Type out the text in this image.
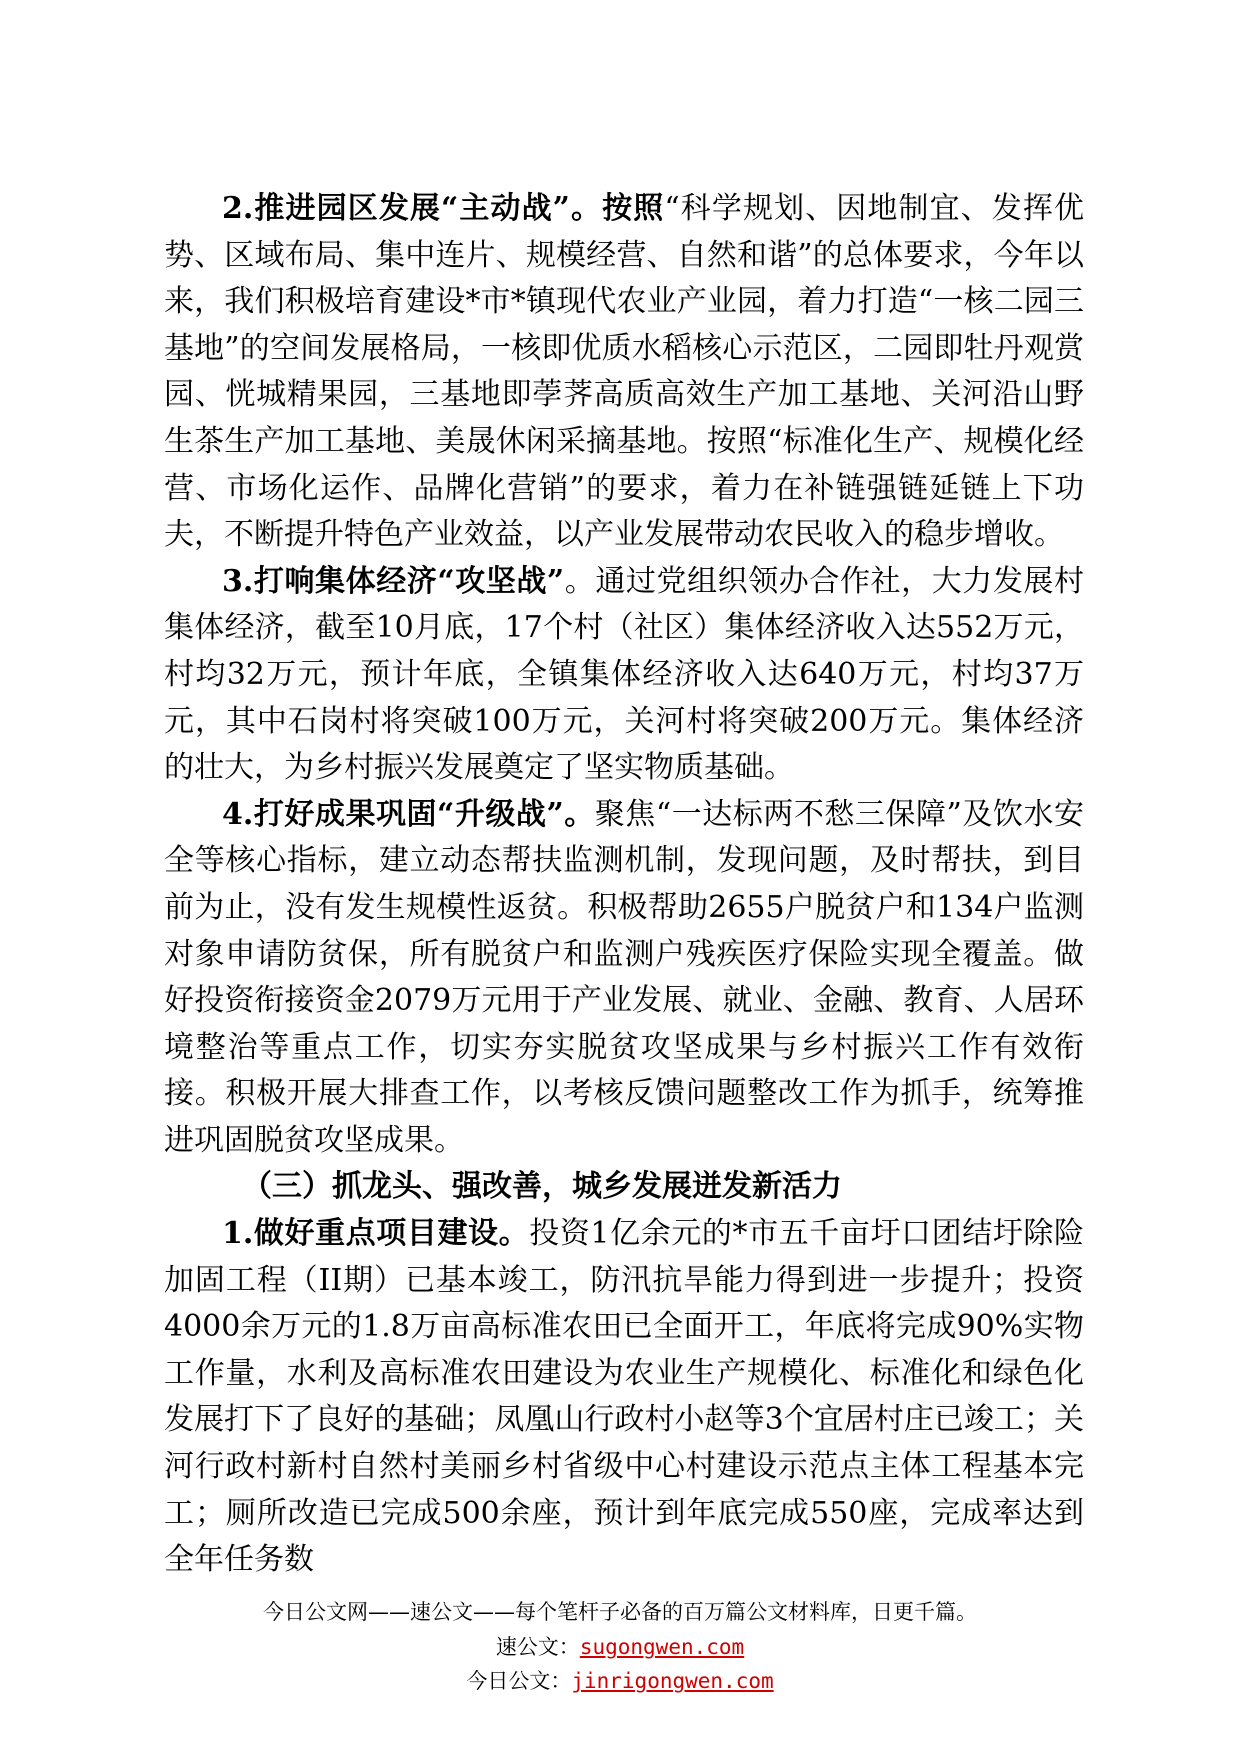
2.推进园区发展“主动战”。按照“科学规划、因地制宜、发挥优势、区域布局、集中连片、规模经营、自然和谐”的总体要求，今年以来，我们积极培育建设*市*镇现代农业产业园，着力打造“一核二园三基地”的空间发展格局，一核即优质水稻核心示范区，二园即牡丹观赏园、恍城精果园，三基地即荸荠高质高效生产加工基地、关河沿山野生茶生产加工基地、美晟休闲采摘基地。按照“标准化生产、规模化经营、市场化运作、品牌化营销”的要求，着力在补链强链延链上下功夫，不断提升特色产业效益，以产业发展带动农民收入的稳步增收。

3.打响集体经济“攻坚战”。通过党组织领办合作社，大力发展村集体经济，截至10月底，17个村（社区）集体经济收入达552万元，村均32万元，预计年底，全镇集体经济收入达640万元，村均37万元，其中石岗村将突破100万元，关河村将突破200万元。集体经济的壮大，为乡村振兴发展奠定了坚实物质基础。

4.打好成果巩固“升级战”。聚焦“一达标两不愁三保障”及饮水安全等核心指标，建立动态帮扶监测机制，发现问题，及时帮扶，到目前为止，没有发生规模性返贫。积极帮助2655户脱贫户和134户监测对象申请防贫保，所有脱贫户和监测户残疾医疗保险实现全覆盖。做好投资衔接资金2079万元用于产业发展、就业、金融、教育、人居环境整治等重点工作，切实夯实脱贫攻坚成果与乡村振兴工作有效衔接。积极开展大排查工作，以考核反馈问题整改工作为抓手，统筹推进巩固脱贫攻坚成果。

（三）抓龙头、强改善，城乡发展迸发新活力

1.做好重点项目建设。投资1亿余元的*市五千亩圩口团结圩除险加固工程（II期）已基本竣工，防汛抗旱能力得到进一步提升；投资4000余万元的1.8万亩高标准农田已全面开工，年底将完成90%实物工作量，水利及高标准农田建设为农业生产规模化、标准化和绿色化发展打下了良好的基础；凤凰山行政村小赵等3个宜居村庄已竣工；关河行政村新村自然村美丽乡村省级中心村建设示范点主体工程基本完工；厕所改造已完成500余座，预计到年底完成550座，完成率达到全年任务数

今日公文网——速公文——每个笔杆子必备的百万篇公文材料库，日更千篇。
速公文：sugongwen.com
今日公文：jinrigongwen.com
